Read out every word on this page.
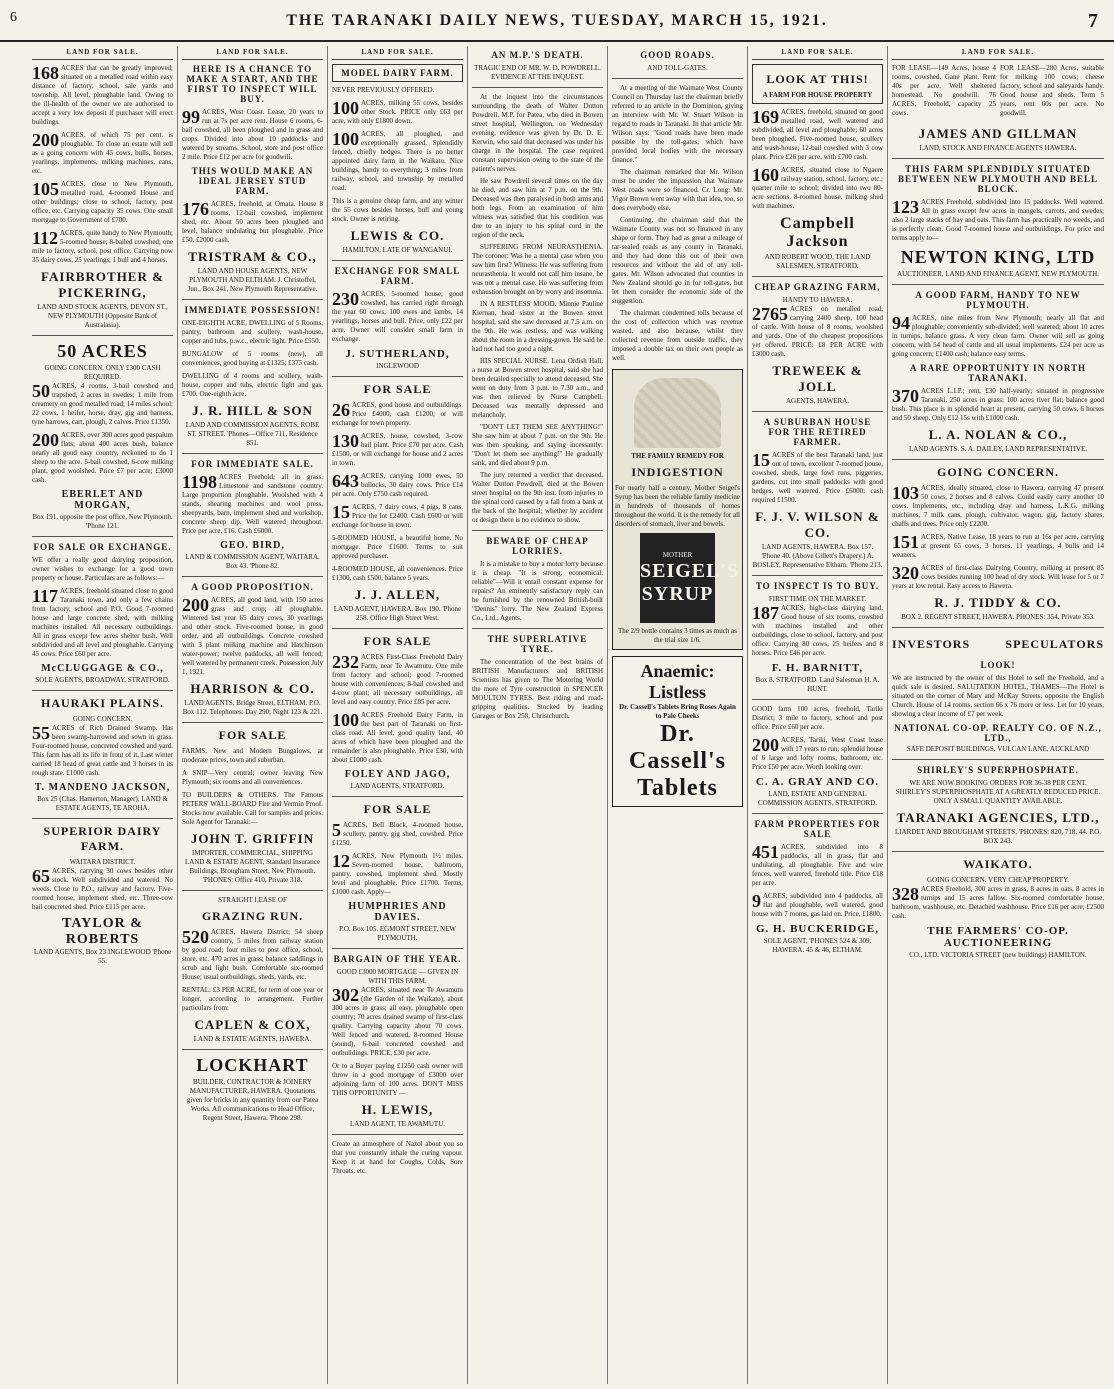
6	THE TARANAKI DAILY NEWS, TUESDAY, MARCH 15, 1921.	7
LAND FOR SALE.
168 ACRES that can be greatly improved; situated on a metalled road within easy distance of factory, school, sale yards and township. All level, ploughable land. Owing to the ill-health of the owner we are authorised to accept a very low deposit if purchaser will erect buildings.
200 ACRES, of which 75 per cent. is ploughable. To close an estate will sell as a going concern with 45 cows, bulls, horses, yearlings, implements, milking machines, cans, etc.
105 ACRES, close to New Plymouth, metalled road, 4-roomed House and other buildings; close to school, factory, post office, etc. Carrying capacity 35 cows. One small mortgage to Government of £700.
112 ACRES, quite handy to New Plymouth; 5-roomed house; 8-bailed cowshed; one mile to factory, school, post office. Carrying now 35 dairy cows, 25 yearlings, 1 bull and 4 horses.
FAIRBROTHER & PICKERING,
LAND AND STOCK AGENTS, DEVON ST., NEW PLYMOUTH (Opposite Bank of Australasia).
50 ACRES
GOING CONCERN. ONLY £300 CASH REQUIRED.
50 ACRES, 4 rooms, 3-bail cowshed and trapshed, 2 acres in swedes; 1 mile from creamery on good metalled road; 14 miles school; 22 cows, 1 heifer, horse, dray, gig and harness, tyne harrows, cart, plough, 2 calves. Price £1350.
200 ACRES, over 300 acres good paspalum flats; about 400 acres bush, balance nearly all good easy country, reckoned to do 1 sheep to the acre. 5-bail cowshed, 6-cow milking plant, good woolshed. Price £7 per acre; £3000 cash.
EBERLET AND MORGAN,
Box 191, opposite the post office, New Plymouth. 'Phone 121.
FOR SALE OR EXCHANGE.
WE offer a really good dairying proposition, owner wishes to exchange for a good town property or house. Particulars are as follows:—
117 ACRES, freehold situated close to good Taranaki town, and only a few chains from factory, school and P.O. Good 7-roomed house and large concrete shed, with milking machines installed. All necessary outbuildings. All in grass except few acres shelter bush. Well subdivided and all level and ploughable. Carrying 45 cows. Price £60 per acre.
McCLUGGAGE & CO.,
SOLE AGENTS, BROADWAY, STRATFORD.
HAURAKI PLAINS.
GOING CONCERN.
55 ACRES of Rich Drained Swamp. Has been swamp-harrowed and sown in grass. Four-roomed house, concreted cowshed and yard. This farm has all its life in front of it. Last winter carried 18 head of great cattle and 3 horses in its rough state. £1000 cash.
T. MANDENO JACKSON,
Box 25 (Chas. Hamerton, Manager), LAND & ESTATE AGENTS, TE AROHA.
SUPERIOR DAIRY FARM.
WAITARA DISTRICT.
65 ACRES, carrying 30 cows besides other stock. Well subdivided and watered. No weeds. Close to P.O., railway and factory. Five-roomed house, implement shed, etc. Three-cow bail concreted shed. Price £115 per acre.
TAYLOR & ROBERTS
LAND AGENTS, Box 23 INGLEWOOD 'Phone 55.
LAND FOR SALE.
HERE IS A CHANCE TO MAKE A START, AND THE FIRST TO INSPECT WILL BUY.
99 ACRES, West Coast. Lease, 20 years to run at 7s per acre rent. House 6 rooms, 6-bail cowshed, all been ploughed and in grass and crops. Divided into about 10 paddocks and watered by streams. School, store and post office 2 mile. Price £12 per acre for goodwill.
THIS WOULD MAKE AN IDEAL JERSEY STUD FARM.
176 ACRES, freehold, at Omata. House 8 rooms, 12-bail cowshed, implement shed, etc. About 50 acres been ploughed and level, balance undulating but ploughable. Price £50, £2000 cash.
TRISTRAM & CO.,
LAND AND HOUSE AGENTS, NEW PLYMOUTH AND ELTHAM. J. Christoffel, Jun., Box 241, New Plymouth Representative.
IMMEDIATE POSSESSION!
ONE-EIGHTH ACRE, DWELLING of 5 Rooms, pantry, bathroom and scullery, wash-house, copper and tubs, p.w.c., electric light. Price £550.
BUNGALOW of 5 rooms (new), all conveniences, good buying at £1325; £375 cash.
DWELLING of 4 rooms and scullery, wash-house, copper and tubs, electric light and gas. £700. One-eighth acre.
J. R. HILL & SON
LAND AND COMMISSION AGENTS, ROBE ST. STREET. 'Phones—Office 711, Residence 851.
FOR IMMEDIATE SALE.
1198 ACRES Freehold; all in grass. Limestone and sandstone country. Large proportion ploughable. Woolshed with 4 stands, shearing machines and wool press, sheepyards, barn, implement shed and workshop, concrete sheep dip. Well watered throughout. Price per acre, £16. Cash £6000.
GEO. BIRD,
LAND & COMMISSION AGENT, WAITARA. Box 43. 'Phone 82.
A GOOD PROPOSITION.
200 ACRES, all good land, with 150 acres grass and crop; all ploughable. Wintered last year 65 dairy cows, 30 yearlings and other stock. Five-roomed house, in good order, and all outbuildings. Concrete cowshed with 3 plant milking machine and Hatchinson water-power; twelve paddocks, all well fenced; well watered by permanent creek. Possession July 1, 1921.
HARRISON & CO.
LAND AGENTS, Bridge Street, ELTHAM. P.O. Box 112. Telephones: Day 290; Night 123 & 221.
FOR SALE
FARMS, New and Modern Bungalows, at moderate prices, town and suburban.
A SNIP—Very central; owner leaving New Plymouth; six rooms and all conveniences.
TO BUILDERS & OTHERS. The Famous PETERS' WALL-BOARD Fire and Vermin Proof. Stocks now available. Call for samples and prices. Sole Agent for Taranaki:—
JOHN T. GRIFFIN
IMPORTER, COMMERCIAL, SHIPPING LAND & ESTATE AGENT, Standard Insurance Buildings, Brougham Street, New Plymouth. 'PHONES: Office 410, Private 318.
STRAIGHT LEASE OF
GRAZING RUN.
520 ACRES, Hawera District; 54 sheep country, 5 miles from railway station by good road; four miles to post office, school, store, etc. 470 acres in grass; balance saddlings in scrub and light bush. Comfortable six-roomed House; usual outbuildings, sheds, yards, etc.
RENTAL: £3 PER ACRE, for term of one year or longer, according to arrangement. Further particulars from:
CAPLEN & COX,
LAND & ESTATE AGENTS, HAWERA.
LOCKHART
BUILDER, CONTRACTOR & JOINERY MANUFACTURER, HAWERA. Quotations given for bricks in any quantity from our Patea Works. All communications to Head Office, Regent Street, Hawera. 'Phone 298.
LAND FOR SALE.
MODEL DAIRY FARM.
NEVER PREVIOUSLY OFFERED.
100 ACRES, milking 55 cows, besides other Stock. PRICE only £63 per acre, with only £1800 down.
100 ACRES, all ploughed, and exceptionally grassed. Splendidly fenced, chiefly hedges. There is no better appointed dairy farm in the Waikato. Nice buildings, handy to everything; 3 miles from railway, school, and township by metalled road.
This is a genuine cheap farm, and any winter the 55 cows besides horses, bull and young stock. Owner is retiring.
LEWIS & CO.
HAMILTON, LATE OF WANGANUI.
EXCHANGE FOR SMALL FARM.
230 ACRES, 5-roomed house; good cowshed, has carried right through the year 60 cows, 100 ewes and lambs, 14 yearlings, horses and bull. Price, only £22 per acre. Owner will consider small farm in exchange.
J. SUTHERLAND,
INGLEWOOD
FOR SALE
26 ACRES, good house and outbuildings. Price £4000, cash £1200, or will exchange for town property.
130 ACRES, house, cowshed, 3-cow bail plant. Price £70 per acre. Cash £1500, or will exchange for house and 2 acres in town.
643 ACRES, carrying 1000 ewes, 50 bullocks, 30 dairy cows. Price £14 per acre. Only £750 cash required.
15 ACRES, 7 dairy cows, 4 pigs, 8 cans. Price the lot £2400. Cash £600 or will exchange for house in town.
5-ROOMED HOUSE, a beautiful home. No mortgage. Price £1600. Terms to suit approved purchaser.
4-ROOMED HOUSE, all conveniences. Price £1300, cash £500, balance 5 years.
J. J. ALLEN,
LAND AGENT, HAWERA. Box 190. 'Phone 258. Office High Street West.
FOR SALE
232 ACRES First-Class Freehold Dairy Farm, near Te Awamutu. One mile from factory and school; good 7-roomed house with conveniences; 8-bail cowshed and 4-cow plant; all necessary outbuildings, all level and easy country. Price £85 per acre.
100 ACRES Freehold Dairy Farm, in the best part of Taranaki on first-class road. All level, good quality land, 40 acres of which have been ploughed and the remainder is also ploughable. Price £30, with about £1000 cash.
FOLEY AND JAGO,
LAND AGENTS, STRATFORD.
FOR SALE
5 ACRES, Bell Block, 4-roomed house, scullery, pantry, gig shed, cowshed. Price £1250.
12 ACRES, New Plymouth 1½ miles. Seven-roomed house, bathroom, pantry, cowshed, implement shed. Mostly level and ploughable. Price £1700. Terms, £1000 cash. Apply—
HUMPHRIES AND DAVIES.
P.O. Box 105. EGMONT STREET, NEW PLYMOUTH.
BARGAIN OF THE YEAR.
GOOD £3000 MORTGAGE — GIVEN IN WITH THIS FARM.
302 ACRES, situated near Te Awamutu (the Garden of the Waikato), about 300 acres in grass; all easy, ploughable open country; 70 acres drained swamp of first-class quality. Carrying capacity about 70 cows. Well fenced and watered, 8-roomed House (sound), 6-bail concreted cowshed and outbuildings. PRICE, £30 per acre.
Or to a Buyer paying £1250 cash owner will throw in a good mortgage of £3000 over adjoining farm of 100 acres. DON'T MISS THIS OPPORTUNITY —
H. LEWIS,
LAND AGENT, TE AWAMUTU.
Create an atmosphere of Nazol about you so that you constantly inhale the curing vapour. Keep it at hand for Coughs, Colds, Sore Throats, etc.
AN M.P.'S DEATH.
TRAGIC END OF MR. W. D. POWDRELL.
EVIDENCE AT THE INQUEST.

At the inquest into the circumstances surrounding the death of Walter Dutton Powdrell, M.P. for Patea, who died in Bowen street hospital, Wellington, on Wednesday evening, evidence was given by Dr. D. E. Kerwin, who said that deceased was under his charge in the hospital. The case required constant supervision owing to the state of the patient's nerves.

He saw Powdrell several times on the day he died, and saw him at 7 p.m. on the 9th. Deceased was then paralysed in both arms and both legs. From an examination of him witness was satisfied that his condition was due to an injury to his spinal cord in the region of the neck.

SUFFERING FROM NEURASTHENIA. The coroner: Was he a mental case when you saw him first? Witness: He was suffering from neurasthenia. It would not call him insane, he was not a mental case. He was suffering from exhaustion brought on by worry and insomnia.

IN A RESTLESS MOOD. Minnie Pauline Kiernan, head sister at the Bowen street hospital, said she saw deceased at 7.5 a.m. on the 9th. He was restless, and was walking about the room in a dressing-gown. He said he had not had too good a night.

HIS SPECIAL NURSE. Lena Ordish Hall, a nurse at Bowen street hospital, said she had been detailed specially to attend deceased. She went on duty from 3 p.m. to 7.30 a.m., and was then relieved by Nurse Campbell. Deceased was mentally depressed and melancholy.

"DON'T LET THEM SEE ANYTHING!" She saw him at about 7 p.m. on the 9th. He was then speaking, and saying incessantly: "Don't let them see anything!" He gradually sank, and died about 9 p.m.

The jury returned a verdict that deceased, Walter Dutton Powdrell, died at the Bowen street hospital on the 9th inst. from injuries to the spinal cord caused by a fall from a bank at the back of the hospital; whether by accident or design there is no evidence to show.

BEWARE OF CHEAP LORRIES.

It is a mistake to buy a motor lorry because it is cheap. "It is strong, economical, reliable"—Will it entail constant expense for repairs? An eminently satisfactory reply can be furnished by the renowned British-built "Dennis" lorry. The New Zealand Express Co., Ltd., Agents.

THE SUPERLATIVE TYRE.

The concentration of the best brains of BRITISH Manufacturers and BRITISH Scientists has given to The Motoring World the more of Tyre construction in SPENCER MOULTON TYRES. Best riding and road-gripping qualities. Stocked by leading Garages or Box 258, Christchurch.

GOOD ROADS.
AND TOLL-GATES.

At a meeting of the Waimate West County Council on Thursday last the chairman briefly referred to an article in the Dominion, giving an interview with Mr. W. Stuart Wilson in regard to roads in Taranaki. In that article Mr. Wilson says: "Good roads have been made possible by the toll-gates, which have provided local bodies with the necessary finance."

The chairman remarked that Mr. Wilson must be under the impression that Waimate West roads were so financed. Cr. Long: Mr. Vigor Brown went away with that idea, too, so does everybody else.

Continuing, the chairman said that the Waimate County was not so financed in any shape or form. They had as great a mileage of tar-sealed roads as any county in Taranaki, and they had done this out of their own resources and without the aid of any toll-gates. Mr. Wilson advocated that counties in New Zealand should go in for toll-gates, but let them consider the economic side of the suggestion.

The chairman condemned tolls because of the cost of collection which was revenue wasted, and also because, whilst they collected revenue from outside traffic, they imposed a double tax on their own people as well.

THE FAMILY REMEDY FOR
INDIGESTION
For nearly half a century, Mother Seigel's Syrup has been the reliable family medicine in hundreds of thousands of homes throughout the world. It is the remedy for all disorders of stomach, liver and bowels.
MOTHER
SEIGEL'S
SYRUP
The 2/9 bottle contains 3 times as much as the trial size 1/6.
Anaemic:
Listless
Dr. Cassell's Tablets Bring Roses Again to Pale Cheeks
Dr. Cassell's
Tablets
LAND FOR SALE.
LOOK AT THIS!
A FARM FOR HOUSE PROPERTY
169 ACRES, freehold, situated on good metalled road, well watered and subdivided, all level and ploughable; 60 acres been ploughed. Five-roomed house, scullery and wash-house; 12-bail cowshed with 3 cow plant. Price £26 per acre, with £700 cash.
160 ACRES, situated close to Ngaere railway station, school, factory, etc.; quarter mile to school; divided into two 80-acre sections. 8-roomed house, milking shed with machines.
Campbell Jackson
AND ROBERT WOOD, THE LAND SALESMEN, STRATFORD.
CHEAP GRAZING FARM,
HANDY TO HAWERA.
2765 ACRES on metalled road, carrying 2400 sheep, 100 head of cattle. With house of 8 rooms, woolshed and yards. One of the cheapest propositions yet offered. PRICE: £8 PER ACRE with £3000 cash.
TREWEEK & JOLL
AGENTS, HAWERA.
A SUBURBAN HOUSE FOR THE RETIRED FARMER.
15 ACRES of the best Taranaki land, just out of town, excellent 7-roomed house, cowshed, sheds, large fowl runs, piggeries, gardens, cut into small paddocks with good hedges, well watered. Price £6000; cash required £1500.
F. J. V. WILSON & CO.
LAND AGENTS, HAWERA. Box 157. 'Phone 40. (Above Gillett's Drapery.) A. BOSLEY, Representative Eltham. 'Phone 213.
TO INSPECT IS TO BUY.
FIRST TIME ON THE MARKET.
187 ACRES, high-class dairying land. Good house of six rooms, cowshed with machines installed and other outbuildings, close to school, factory, and post office. Carrying 80 cows, 25 heifers and 8 horses. Price £46 per acre.
F. H. BARNITT,
Box 8, STRATFORD. Land Salesman H. A. HUNT.
GOOD farm 100 acres, freehold, Tariki District; 3 mile to factory, school and post office. Price £60 per acre.
200 ACRES, Tariki, West Coast lease with 17 years to run; splendid house of 6 large and lofty rooms, bathroom, etc. Price £50 per acre. Worth looking over.
C. A. GRAY AND CO.
LAND, ESTATE AND GENERAL COMMISSION AGENTS, STRATFORD.
FARM PROPERTIES FOR SALE
451 ACRES, subdivided into 8 paddocks, all in grass, flat and undulating, all ploughable. Five and wire fences, well watered, freehold title. Price £18 per acre.
9 ACRES, subdivided into 4 paddocks, all flat and ploughable, well watered, good house with 7 rooms, gas laid on. Price, £1800.
G. H. BUCKERIDGE,
SOLE AGENT, 'PHONES 524 & 309, HAWERA. 45 & 46, ELTHAM.
LAND FOR SALE.
FOR LEASE—149 Acres, house 4 rooms, cowshed, Gane plant. Rent 40s per acre. Well sheltered homestead. No goodwill. 76 ACRES, Freehold, capacity 25 cows.
FOR LEASE—280 Acres, suitable for milking 100 cows; cheese factory, school and saleyards handy. Good house and sheds. Term 5 years, rent 60s per acre. No goodwill.
JAMES AND GILLMAN
LAND, STOCK AND FINANCE AGENTS HAWERA.
THIS FARM SPLENDIDLY SITUATED BETWEEN NEW PLYMOUTH AND BELL BLOCK.
123 ACRES Freehold, subdivided into 15 paddocks. Well watered. All in grass except few acres in mangels, carrots, and swedes; also 2 large stacks of hay and oats. This farm has practically no weeds, and is perfectly clean. Good 7-roomed house and outbuildings. For price and terms apply to—
NEWTON KING, LTD
AUCTIONEER, LAND AND FINANCE AGENT, NEW PLYMOUTH.
A GOOD FARM, HANDY TO NEW PLYMOUTH.
94 ACRES, nine miles from New Plymouth; nearly all flat and ploughable; conveniently sub-divided; well watered; about 10 acres in turnips, balance grass. A very clean farm. Owner will sell as going concern, with 54 head of cattle and all usual implements. £24 per acre as going concern; £1400 cash; balance easy terms.
A RARE OPPORTUNITY IN NORTH TARANAKI.
370 ACRES L.I.P.; rent, £30 half-yearly; situated in progressive Taranaki. 250 acres in grass; 100 acres river flat; balance good bush. This place is in splendid heart at present, carrying 50 cows, 6 horses and 50 sheep. Only £12 15s with £1000 cash.
L. A. NOLAN & CO.,
LAND AGENTS. S. A. DAILEY, LAND REPRESENTATIVE.
GOING CONCERN.
103 ACRES, ideally situated, close to Hawera, carrying 47 present 50 cows, 2 horses and 8 calves. Could easily carry another 10 cows. Implements, etc., including dray and harness, L.K.G. milking machines, 7 milk cans, plough, cultivator, wagon, gig, factory shares, chaffs and trees. Price only £2200.
151 ACRES, Native Lease, 18 years to run at 16s per acre, carrying at present 65 cows, 3 horses, 11 yearlings, 4 bulls and 14 weaners.
320 ACRES of first-class Dairying Country, milking at present 85 cows besides running 100 head of dry stock. Will lease for 5 or 7 years at low rental. Easy access to Hawera.
R. J. TIDDY & CO.
BOX 2. REGENT STREET, HAWERA. PHONES: 354, Private 353.
INVESTORS	SPECULATORS
LOOK!
We are instructed by the owner of this Hotel to sell the Freehold, and a quick sale is desired. SALUTATION HOTEL, THAMES—The Hotel is situated on the corner of Mary and McKay Streets, opposite the English Church. House of 14 rooms, section 66 x 76 more or less. Let for 10 years, showing a clear income of £7 per week.
NATIONAL CO-OP. REALTY CO. OF N.Z., LTD.,
SAFE DEPOSIT BUILDINGS, VULCAN LANE, AUCKLAND
SHIRLEY'S SUPERPHOSPHATE.
WE ARE NOW BOOKING ORDERS FOR 36-38 PER CENT. SHIRLEY'S SUPERPHOSPHATE AT A GREATLY REDUCED PRICE. ONLY A SMALL QUANTITY AVAILABLE.
TARANAKI AGENCIES, LTD.,
LIARDET AND BROUGHAM STREETS, 'PHONES: 820, 718, 44. P.O. BOX 243.
WAIKATO.
GOING CONCERN. VERY CHEAP PROPERTY.
328 ACRES Freehold, 300 acres in grass, 8 acres in oats, 8 acres in turnips and 15 acres fallow. Six-roomed comfortable house, bathroom, washhouse, etc. Detached washhouse. Price £16 per acre; £2500 cash.
THE FARMERS' CO-OP. AUCTIONEERING
CO., LTD. VICTORIA STREET (new buildings) HAMILTON.
